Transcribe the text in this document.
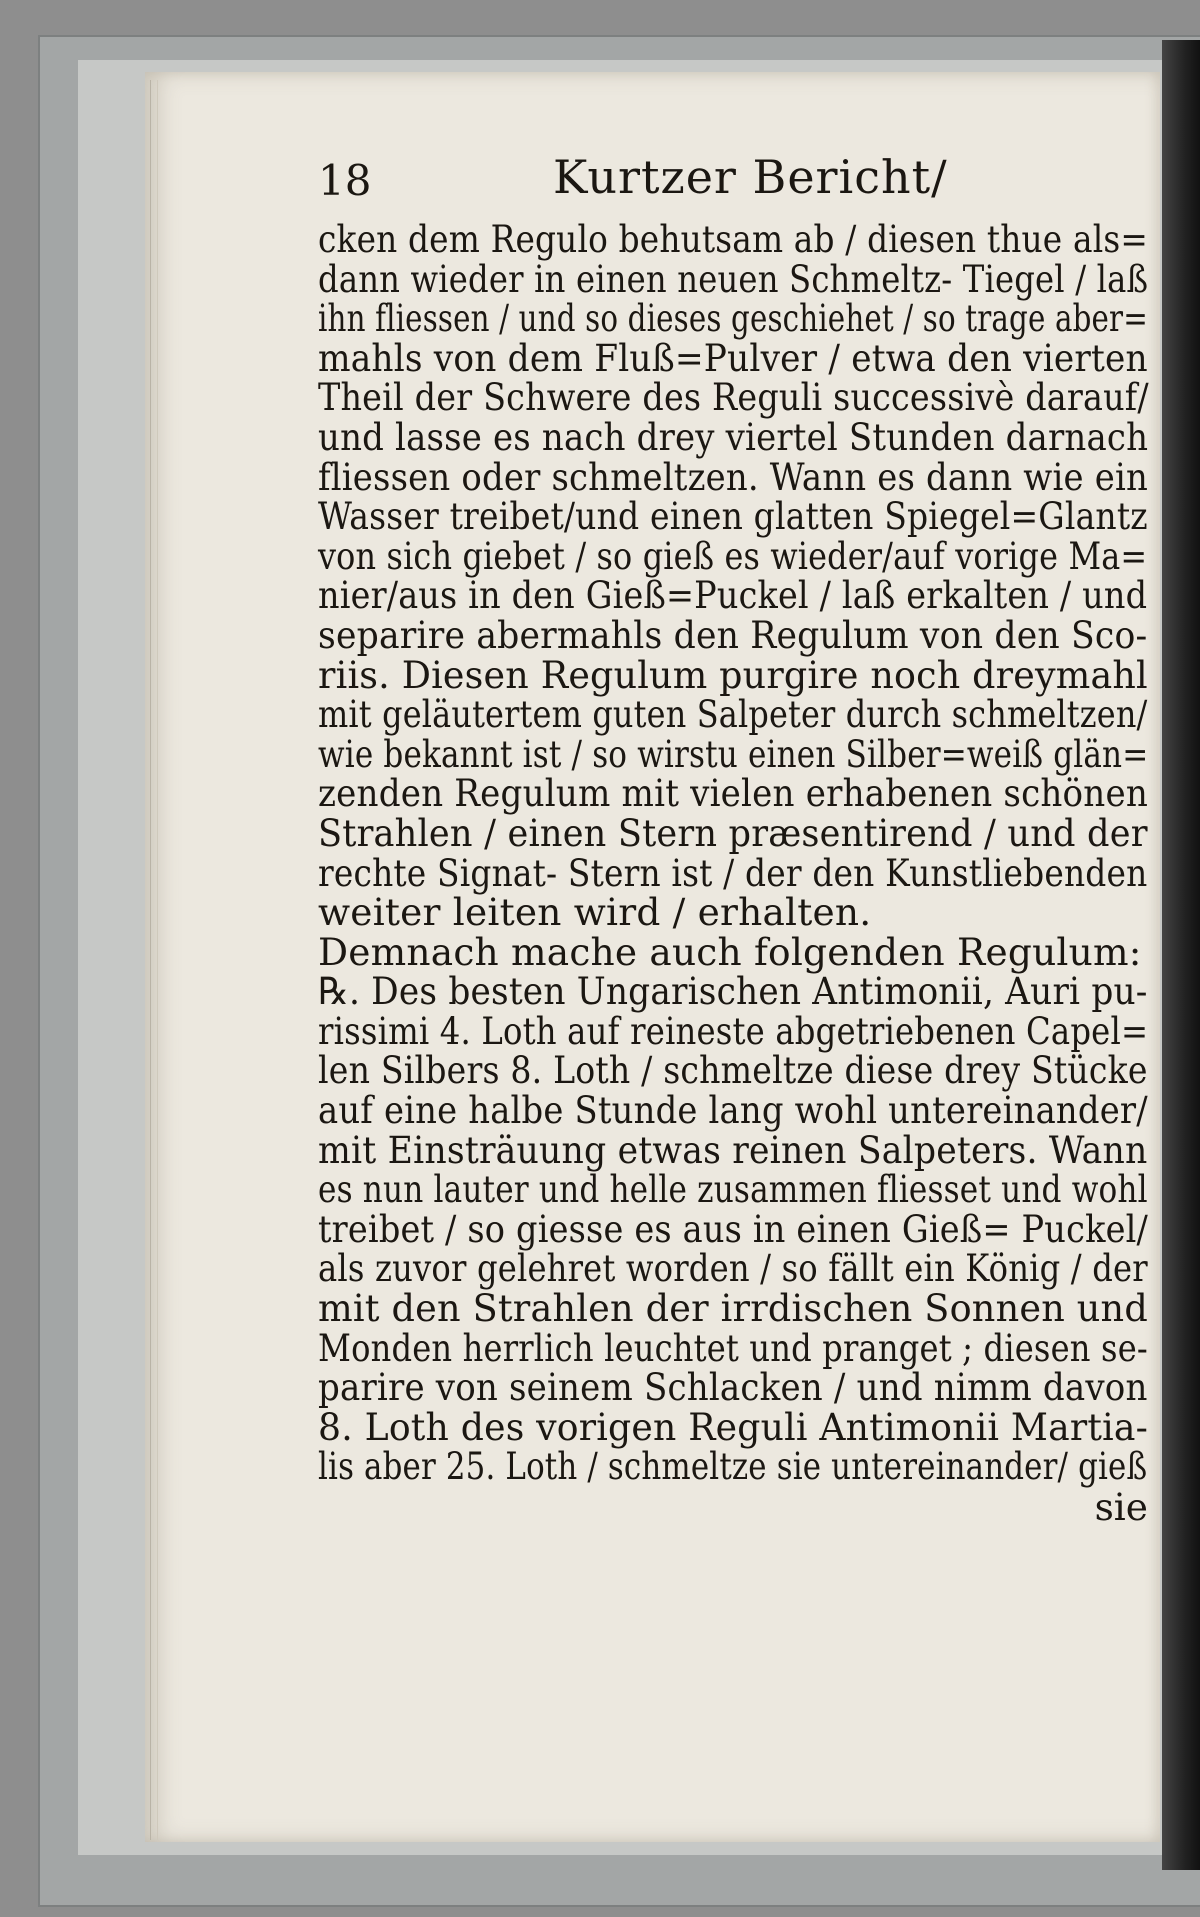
18	Kurtzer Bericht/
cken dem Regulo behutsam ab / diesen thue als=
dann wieder in einen neuen Schmeltz- Tiegel / laß
ihn fliessen / und so dieses geschiehet / so trage aber=
mahls von dem Fluß=Pulver / etwa den vierten
Theil der Schwere des Reguli successivè darauf/
und lasse es nach drey viertel Stunden darnach
fliessen oder schmeltzen. Wann es dann wie ein
Wasser treibet/und einen glatten Spiegel=Glantz
von sich giebet / so gieß es wieder/auf vorige Ma=
nier/aus in den Gieß=Puckel / laß erkalten / und
separire abermahls den Regulum von den Sco-
riis. Diesen Regulum purgire noch dreymahl
mit geläutertem guten Salpeter durch schmeltzen/
wie bekannt ist / so wirstu einen Silber=weiß glän=
zenden Regulum mit vielen erhabenen schönen
Strahlen / einen Stern præsentirend / und der
rechte Signat- Stern ist / der den Kunstliebenden
weiter leiten wird / erhalten.
Demnach mache auch folgenden Regulum:
℞. Des besten Ungarischen Antimonii, Auri pu-
rissimi 4. Loth auf reineste abgetriebenen Capel=
len Silbers 8. Loth / schmeltze diese drey Stücke
auf eine halbe Stunde lang wohl untereinander/
mit Einsträuung etwas reinen Salpeters. Wann
es nun lauter und helle zusammen fliesset und wohl
treibet / so giesse es aus in einen Gieß= Puckel/
als zuvor gelehret worden / so fällt ein König / der
mit den Strahlen der irrdischen Sonnen und
Monden herrlich leuchtet und pranget ; diesen se-
parire von seinem Schlacken / und nimm davon
8. Loth des vorigen Reguli Antimonii Martia-
lis aber 25. Loth / schmeltze sie untereinander/ gieß
sie
